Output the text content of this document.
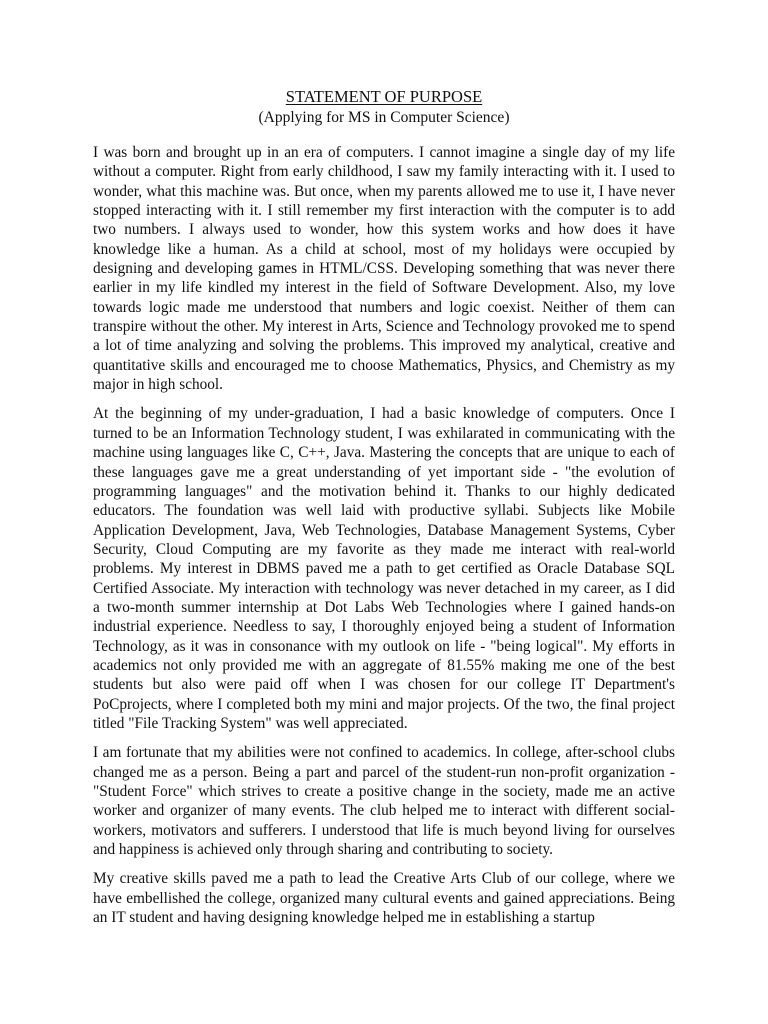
STATEMENT OF PURPOSE

(Applying for MS in Computer Science)

I was born and brought up in an era of computers. I cannot imagine a single day of my life without a computer. Right from early childhood, I saw my family interacting with it. I used to wonder, what this machine was. But once, when my parents allowed me to use it, I have never stopped interacting with it. I still remember my first interaction with the computer is to add two numbers. I always used to wonder, how this system works and how does it have knowledge like a human. As a child at school, most of my holidays were occupied by designing and developing games in HTML/CSS. Developing something that was never there earlier in my life kindled my interest in the field of Software Development. Also, my love towards logic made me understood that numbers and logic coexist. Neither of them can transpire without the other. My interest in Arts, Science and Technology provoked me to spend a lot of time analyzing and solving the problems. This improved my analytical, creative and quantitative skills and encouraged me to choose Mathematics, Physics, and Chemistry as my major in high school.

At the beginning of my under-graduation, I had a basic knowledge of computers. Once I turned to be an Information Technology student, I was exhilarated in communicating with the machine using languages like C, C++, Java. Mastering the concepts that are unique to each of these languages gave me a great understanding of yet important side - "the evolution of programming languages" and the motivation behind it. Thanks to our highly dedicated educators. The foundation was well laid with productive syllabi. Subjects like Mobile Application Development, Java, Web Technologies, Database Management Systems, Cyber Security, Cloud Computing are my favorite as they made me interact with real-world problems. My interest in DBMS paved me a path to get certified as Oracle Database SQL Certified Associate. My interaction with technology was never detached in my career, as I did a two-month summer internship at Dot Labs Web Technologies where I gained hands-on industrial experience. Needless to say, I thoroughly enjoyed being a student of Information Technology, as it was in consonance with my outlook on life - "being logical". My efforts in academics not only provided me with an aggregate of 81.55% making me one of the best students but also were paid off when I was chosen for our college IT Department's PoCprojects, where I completed both my mini and major projects. Of the two, the final project titled "File Tracking System" was well appreciated.

I am fortunate that my abilities were not confined to academics. In college, after-school clubs changed me as a person. Being a part and parcel of the student-run non-profit organization - "Student Force" which strives to create a positive change in the society, made me an active worker and organizer of many events. The club helped me to interact with different social-workers, motivators and sufferers. I understood that life is much beyond living for ourselves and happiness is achieved only through sharing and contributing to society.

My creative skills paved me a path to lead the Creative Arts Club of our college, where we have embellished the college, organized many cultural events and gained appreciations. Being an IT student and having designing knowledge helped me in establishing a startup
